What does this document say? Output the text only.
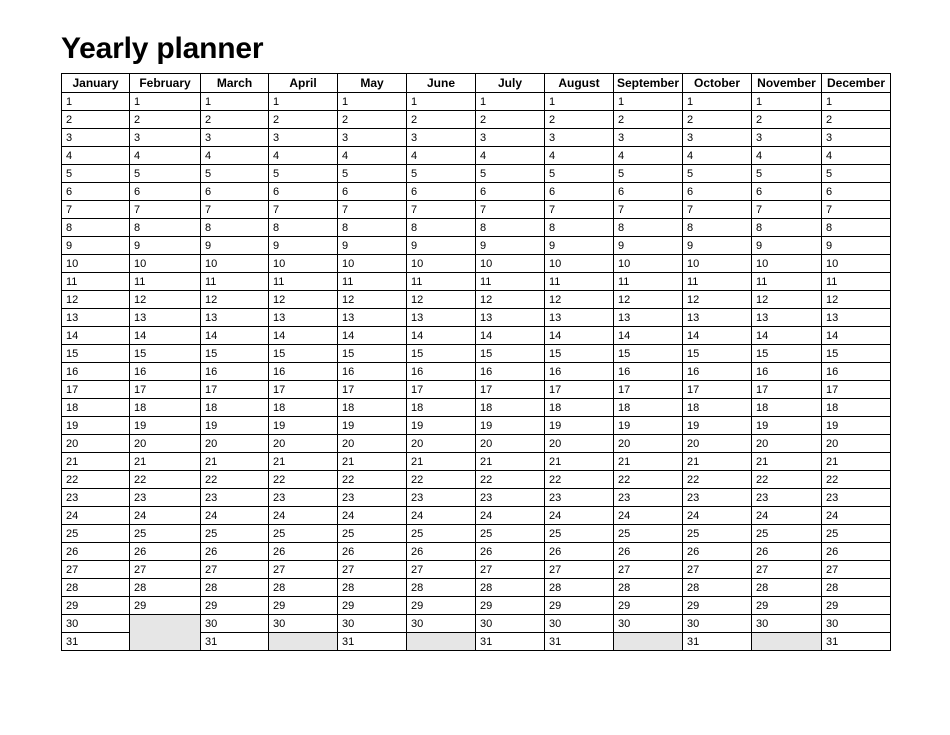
Yearly planner
January	February	March	April	May	June	July	August	September	October	November	December
1	1	1	1	1	1	1	1	1	1	1	1
2	2	2	2	2	2	2	2	2	2	2	2
3	3	3	3	3	3	3	3	3	3	3	3
4	4	4	4	4	4	4	4	4	4	4	4
5	5	5	5	5	5	5	5	5	5	5	5
6	6	6	6	6	6	6	6	6	6	6	6
7	7	7	7	7	7	7	7	7	7	7	7
8	8	8	8	8	8	8	8	8	8	8	8
9	9	9	9	9	9	9	9	9	9	9	9
10	10	10	10	10	10	10	10	10	10	10	10
11	11	11	11	11	11	11	11	11	11	11	11
12	12	12	12	12	12	12	12	12	12	12	12
13	13	13	13	13	13	13	13	13	13	13	13
14	14	14	14	14	14	14	14	14	14	14	14
15	15	15	15	15	15	15	15	15	15	15	15
16	16	16	16	16	16	16	16	16	16	16	16
17	17	17	17	17	17	17	17	17	17	17	17
18	18	18	18	18	18	18	18	18	18	18	18
19	19	19	19	19	19	19	19	19	19	19	19
20	20	20	20	20	20	20	20	20	20	20	20
21	21	21	21	21	21	21	21	21	21	21	21
22	22	22	22	22	22	22	22	22	22	22	22
23	23	23	23	23	23	23	23	23	23	23	23
24	24	24	24	24	24	24	24	24	24	24	24
25	25	25	25	25	25	25	25	25	25	25	25
26	26	26	26	26	26	26	26	26	26	26	26
27	27	27	27	27	27	27	27	27	27	27	27
28	28	28	28	28	28	28	28	28	28	28	28
29	29	29	29	29	29	29	29	29	29	29	29
30		30	30	30	30	30	30	30	30	30	30
31		31		31		31	31		31		31
